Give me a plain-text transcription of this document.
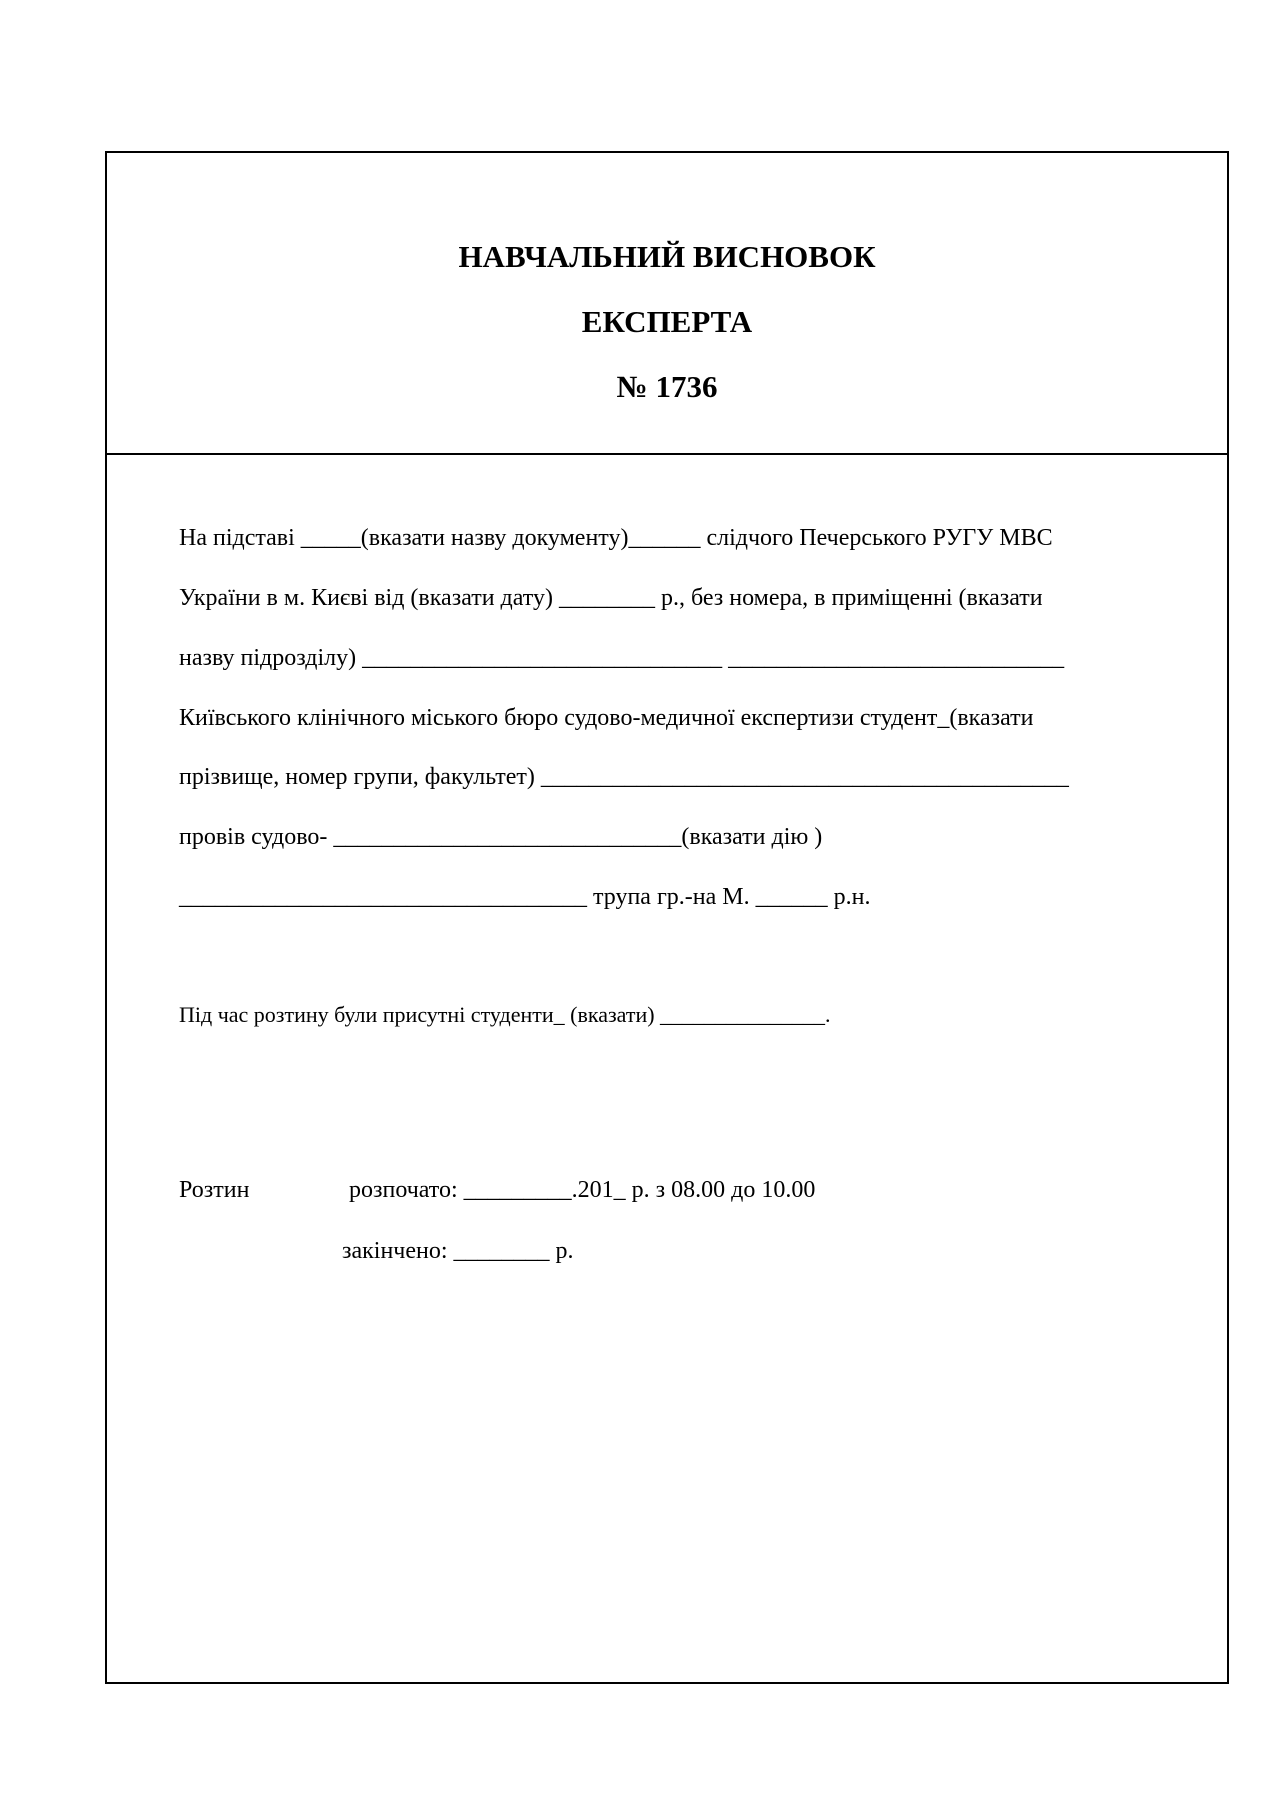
НАВЧАЛЬНИЙ ВИСНОВОК
ЕКСПЕРТА
№ 1736
На підставі _____(вказати назву документу)______ слідчого Печерського РУГУ МВС
України в м. Києві від (вказати дату) ________ р., без номера, в приміщенні (вказати
назву підрозділу) ______________________________ ____________________________
Київського клінічного міського бюро судово-медичної експертизи студент_(вказати
прізвище, номер групи, факультет) ____________________________________________
провів судово- _____________________________(вказати дію )
__________________________________ трупа гр.-на М. ______ р.н.
Під час розтину були присутні студенти_ (вказати) _______________.
Розтин	розпочато: _________.201_ р. з 08.00 до 10.00
закінчено: ________ р.
